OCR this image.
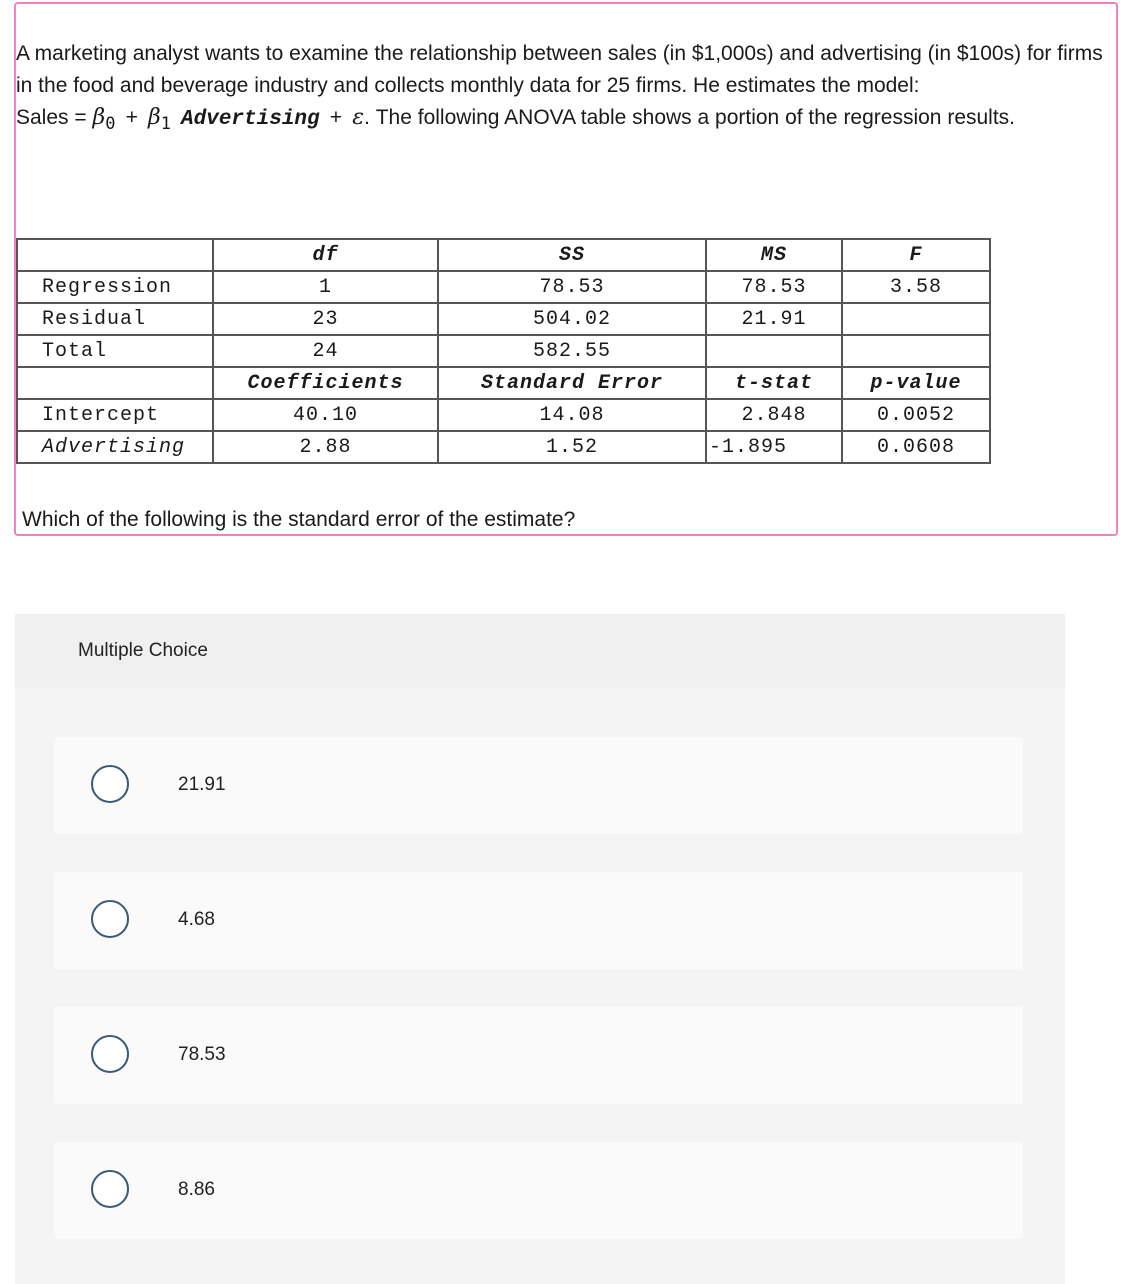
A marketing analyst wants to examine the relationship between sales (in $1,000s) and advertising (in $100s) for firms in the food and beverage industry and collects monthly data for 25 firms. He estimates the model:

Sales = $\beta_0 + \beta_1$ Advertising + ε. The following ANOVA table shows a portion of the regression results.

	df	SS	MS	F
Regression	1	78.53	78.53	3.58
Residual	23	504.02	21.91	
Total	24	582.55		
	Coefficients	Standard Error	t-stat	p-value
Intercept	40.10	14.08	2.848	0.0052
Advertising	2.88	1.52	-1.895	0.0608
Which of the following is the standard error of the estimate?
Multiple Choice
21.91
4.68
78.53
8.86
